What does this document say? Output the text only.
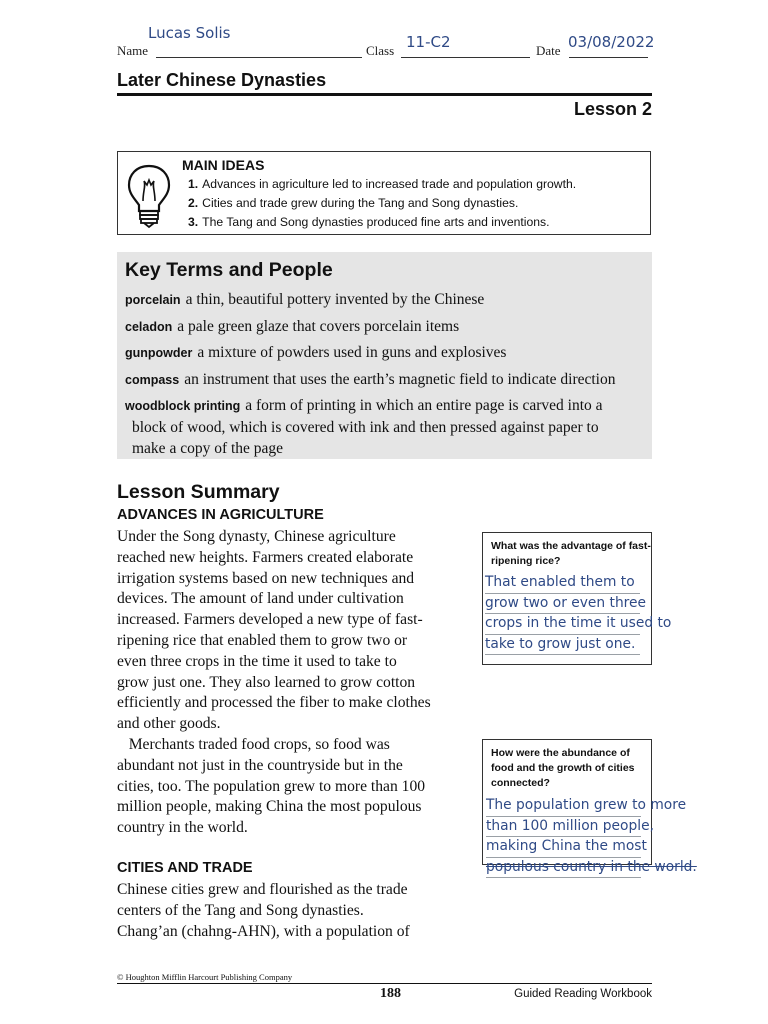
Name
Lucas Solis
Class 11-C2	Date 03/08/2022
Later Chinese Dynasties
Lesson 2
MAIN IDEAS
1. Advances in agriculture led to increased trade and population growth.
2. Cities and trade grew during the Tang and Song dynasties.
3. The Tang and Song dynasties produced fine arts and inventions.
Key Terms and People
porcelain a thin, beautiful pottery invented by the Chinese
celadon a pale green glaze that covers porcelain items
gunpowder a mixture of powders used in guns and explosives
compass an instrument that uses the earth’s magnetic field to indicate direction
woodblock printing a form of printing in which an entire page is carved into a
block of wood, which is covered with ink and then pressed against paper to
make a copy of the page
Lesson Summary
ADVANCES IN AGRICULTURE
Under the Song dynasty, Chinese agriculture
reached new heights. Farmers created elaborate
irrigation systems based on new techniques and
devices. The amount of land under cultivation
increased. Farmers developed a new type of fast-
ripening rice that enabled them to grow two or
even three crops in the time it used to take to
grow just one. They also learned to grow cotton
efficiently and processed the fiber to make clothes
and other goods.
Merchants traded food crops, so food was
abundant not just in the countryside but in the
cities, too. The population grew to more than 100
million people, making China the most populous
country in the world.
CITIES AND TRADE
Chinese cities grew and flourished as the trade
centers of the Tang and Song dynasties.
Chang’an (chahng-AHN), with a population of
What was the advantage of fast-ripening rice?
That enabled them to
grow two or even three
crops in the time it used to
take to grow just one.
How were the abundance of food and the growth of cities connected?
The population grew to more
than 100 million people,
making China the most
populous country in the world.
© Houghton Mifflin Harcourt Publishing Company
188	Guided Reading Workbook
